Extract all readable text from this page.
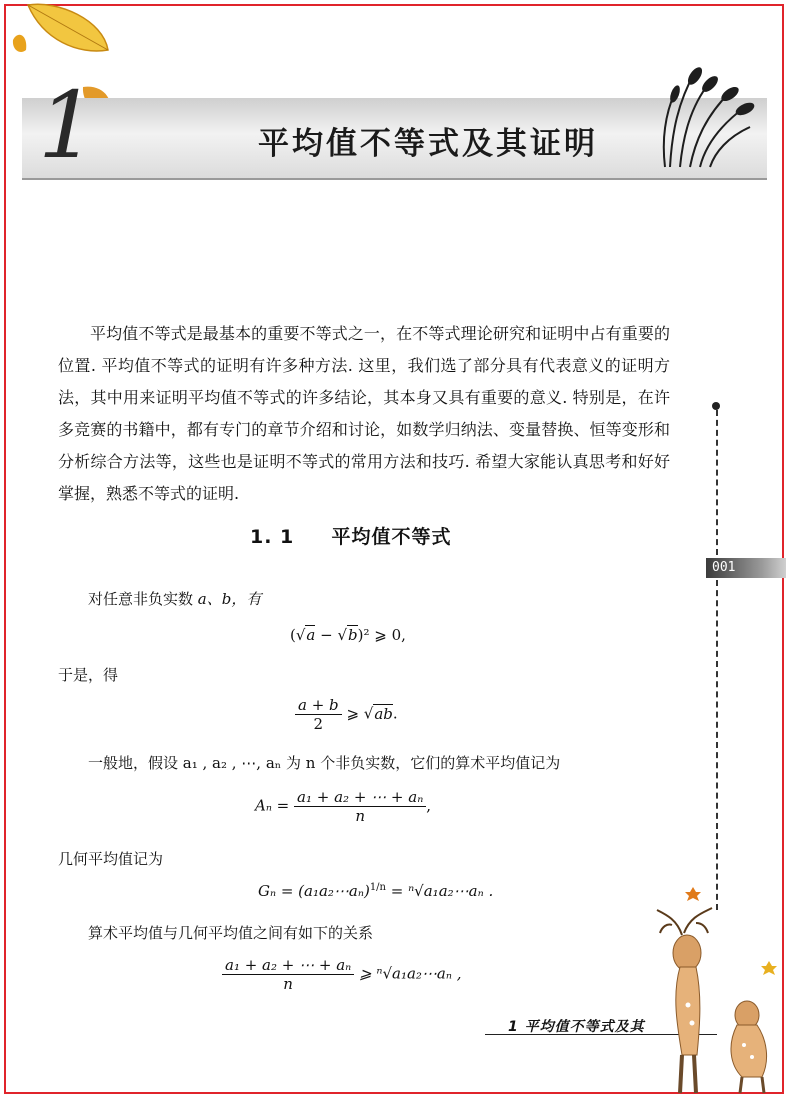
1	平均值不等式及其证明

平均值不等式是最基本的重要不等式之一，在不等式理论研究和证明中占有重要的位置. 平均值不等式的证明有许多种方法. 这里，我们选了部分具有代表意义的证明方法，其中用来证明平均值不等式的许多结论，其本身又具有重要的意义. 特别是，在许多竞赛的书籍中，都有专门的章节介绍和讨论，如数学归纳法、变量替换、恒等变形和分析综合方法等，这些也是证明不等式的常用方法和技巧. 希望大家能认真思考和好好掌握，熟悉不等式的证明.

1. 1 平均值不等式
对任意非负实数 a、b，有
(√a − √b)² ⩾ 0,
于是，得
$\frac{a + b}{2}$ ⩾ √ab.
一般地，假设 a₁ , a₂ , ⋯, aₙ 为 n 个非负实数，它们的算术平均值记为
$A_n = \frac{\text{a₁ + a₂ + ⋯ + aₙ}}{n}$ ,
几何平均值记为
Gₙ = (a₁a₂⋯aₙ)$^{1/n}$ = ⁿ√a₁a₂⋯aₙ .
算术平均值与几何平均值之间有如下的关系
$\frac{\text{a₁ + a₂ + ⋯ + aₙ}}{n}$ ⩾ ⁿ√a₁a₂⋯aₙ ,
001
1 平均值不等式及其
